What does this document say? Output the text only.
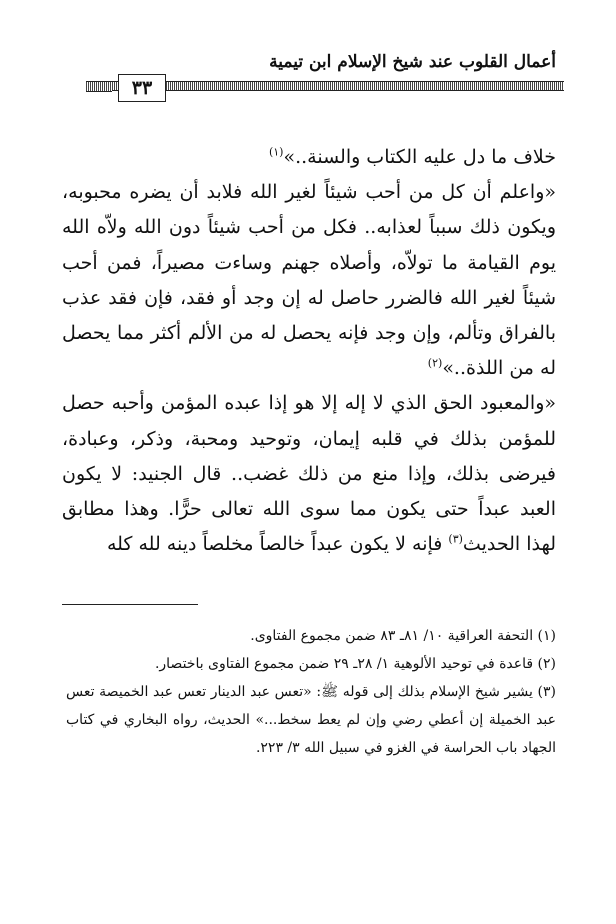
أعمال القلوب عند شيخ الإسلام ابن تيمية
٣٣

خلاف ما دل عليه الكتاب والسنة..»$^{(١)}$

«واعلم أن كل من أحب شيئاً لغير الله فلابد أن يضره محبوبه، ويكون ذلك سبباً لعذابه.. فكل من أحب شيئاً دون الله ولاّه الله يوم القيامة ما تولاّه، وأصلاه جهنم وساءت مصيراً، فمن أحب شيئاً لغير الله فالضرر حاصل له إن وجد أو فقد، فإن فقد عذب بالفراق وتألم، وإن وجد فإنه يحصل له من الألم أكثر مما يحصل له من اللذة..»$^{(٢)}$

«والمعبود الحق الذي لا إله إلا هو إذا عبده المؤمن وأحبه حصل للمؤمن بذلك في قلبه إيمان، وتوحيد ومحبة، وذكر، وعبادة، فيرضى بذلك، وإذا منع من ذلك غضب.. قال الجنيد: لا يكون العبد عبداً حتى يكون مما سوى الله تعالى حرًّا. وهذا مطابق لهذا الحديث$^{(٣)}$ فإنه لا يكون عبداً خالصاً مخلصاً دينه لله كله

(١) التحفة العراقية ١٠/ ٨١ـ ٨٣ ضمن مجموع الفتاوى.

(٢) قاعدة في توحيد الألوهية ١/ ٢٨ـ ٢٩ ضمن مجموع الفتاوى باختصار.

(٣) يشير شيخ الإسلام بذلك إلى قوله ﷺ: «تعس عبد الدينار تعس عبد الخميصة تعس عبد الخميلة إن أعطي رضي وإن لم يعط سخط...» الحديث، رواه البخاري في كتاب الجهاد باب الحراسة في الغزو في سبيل الله ٣/ ٢٢٣.
